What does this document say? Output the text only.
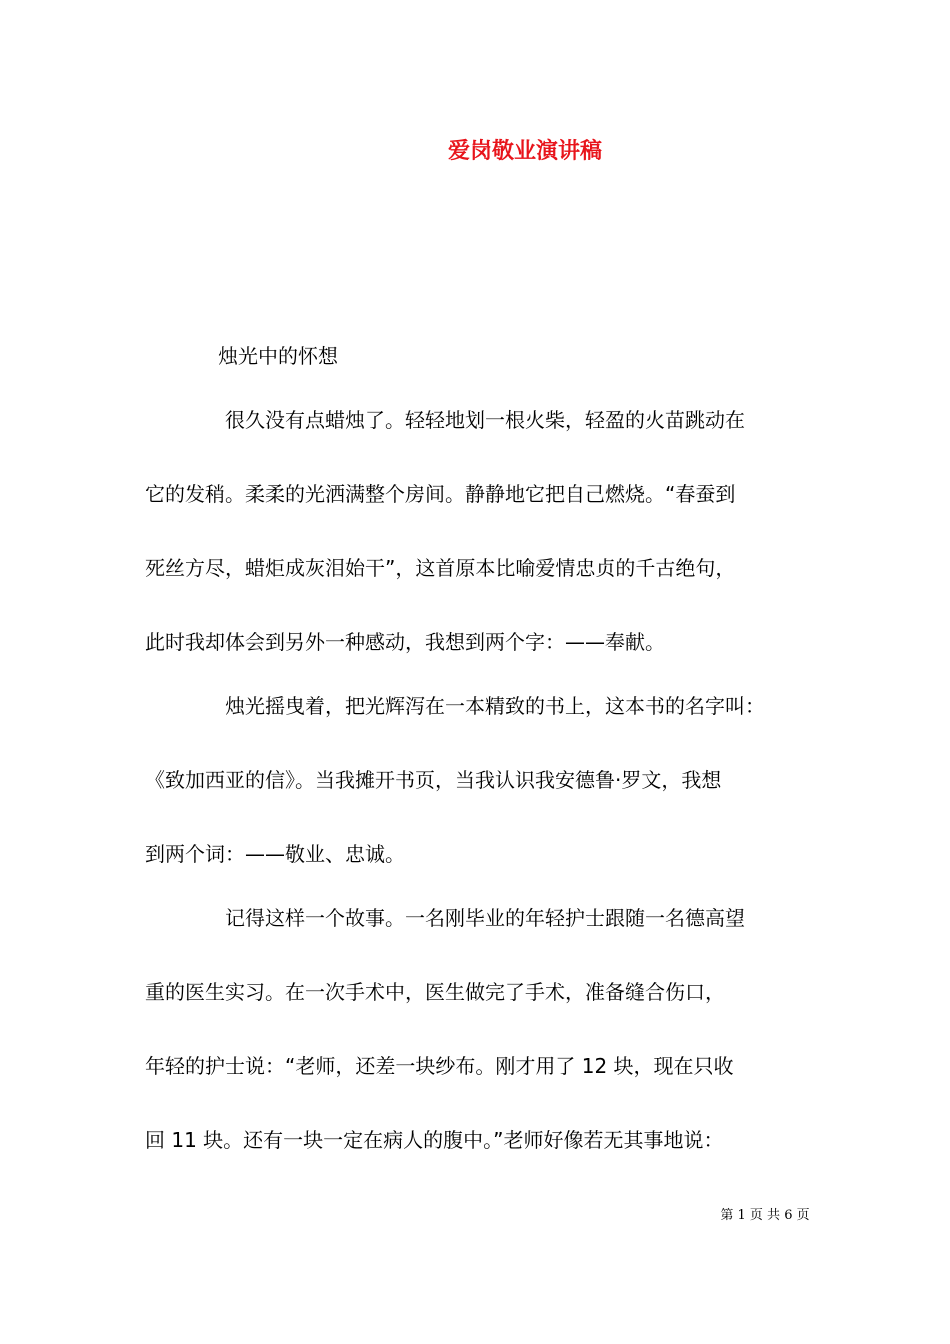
爱岗敬业演讲稿
烛光中的怀想
很久没有点蜡烛了。轻轻地划一根火柴，轻盈的火苗跳动在
它的发稍。柔柔的光洒满整个房间。静静地它把自己燃烧。“春蚕到
死丝方尽，蜡炬成灰泪始干”，这首原本比喻爱情忠贞的千古绝句，
此时我却体会到另外一种感动，我想到两个字：——奉献。
烛光摇曳着，把光辉泻在一本精致的书上，这本书的名字叫：
《致加西亚的信》。当我摊开书页，当我认识我安德鲁·罗文，我想
到两个词：——敬业、忠诚。
记得这样一个故事。一名刚毕业的年轻护士跟随一名德高望
重的医生实习。在一次手术中，医生做完了手术，准备缝合伤口，
年轻的护士说：“老师，还差一块纱布。刚才用了 12 块，现在只收
回 11 块。还有一块一定在病人的腹中。”老师好像若无其事地说：
第 1 页 共 6 页
